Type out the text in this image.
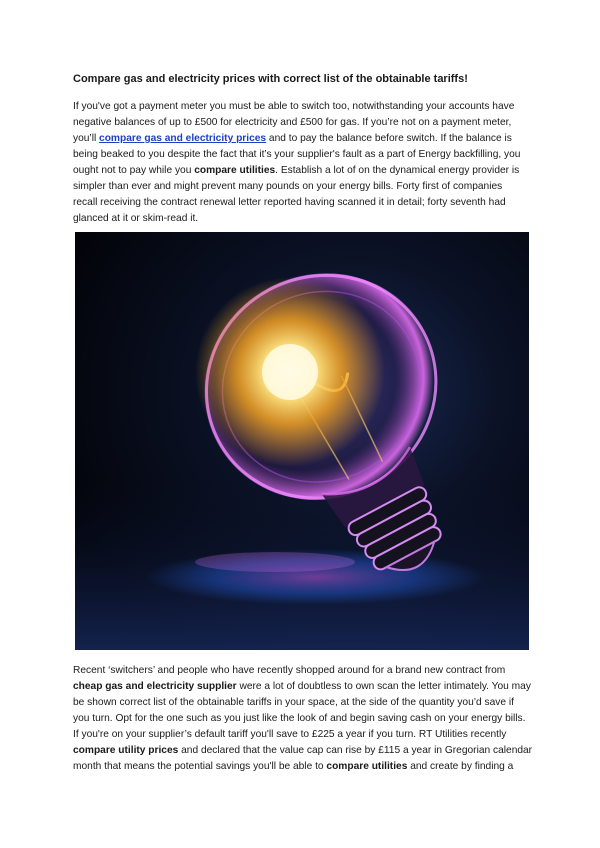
Compare gas and electricity prices with correct list of the obtainable tariffs!
If you've got a payment meter you must be able to switch too, notwithstanding your accounts have
negative balances of up to £500 for electricity and £500 for gas. If you’re not on a payment meter,
you’ll compare gas and electricity prices and to pay the balance before switch. If the balance is
being beaked to you despite the fact that it’s your supplier's fault as a part of Energy backfilling, you
ought not to pay while you compare utilities. Establish a lot of on the dynamical energy provider is
simpler than ever and might prevent many pounds on your energy bills. Forty first of companies
recall receiving the contract renewal letter reported having scanned it in detail; forty seventh had
glanced at it or skim-read it.
Recent ‘switchers’ and people who have recently shopped around for a brand new contract from
cheap gas and electricity supplier were a lot of doubtless to own scan the letter intimately. You may
be shown correct list of the obtainable tariffs in your space, at the side of the quantity you’d save if
you turn. Opt for the one such as you just like the look of and begin saving cash on your energy bills.
If you're on your supplier’s default tariff you'll save to £225 a year if you turn. RT Utilities recently
compare utility prices and declared that the value cap can rise by £115 a year in Gregorian calendar
month that means the potential savings you'll be able to compare utilities and create by finding a
